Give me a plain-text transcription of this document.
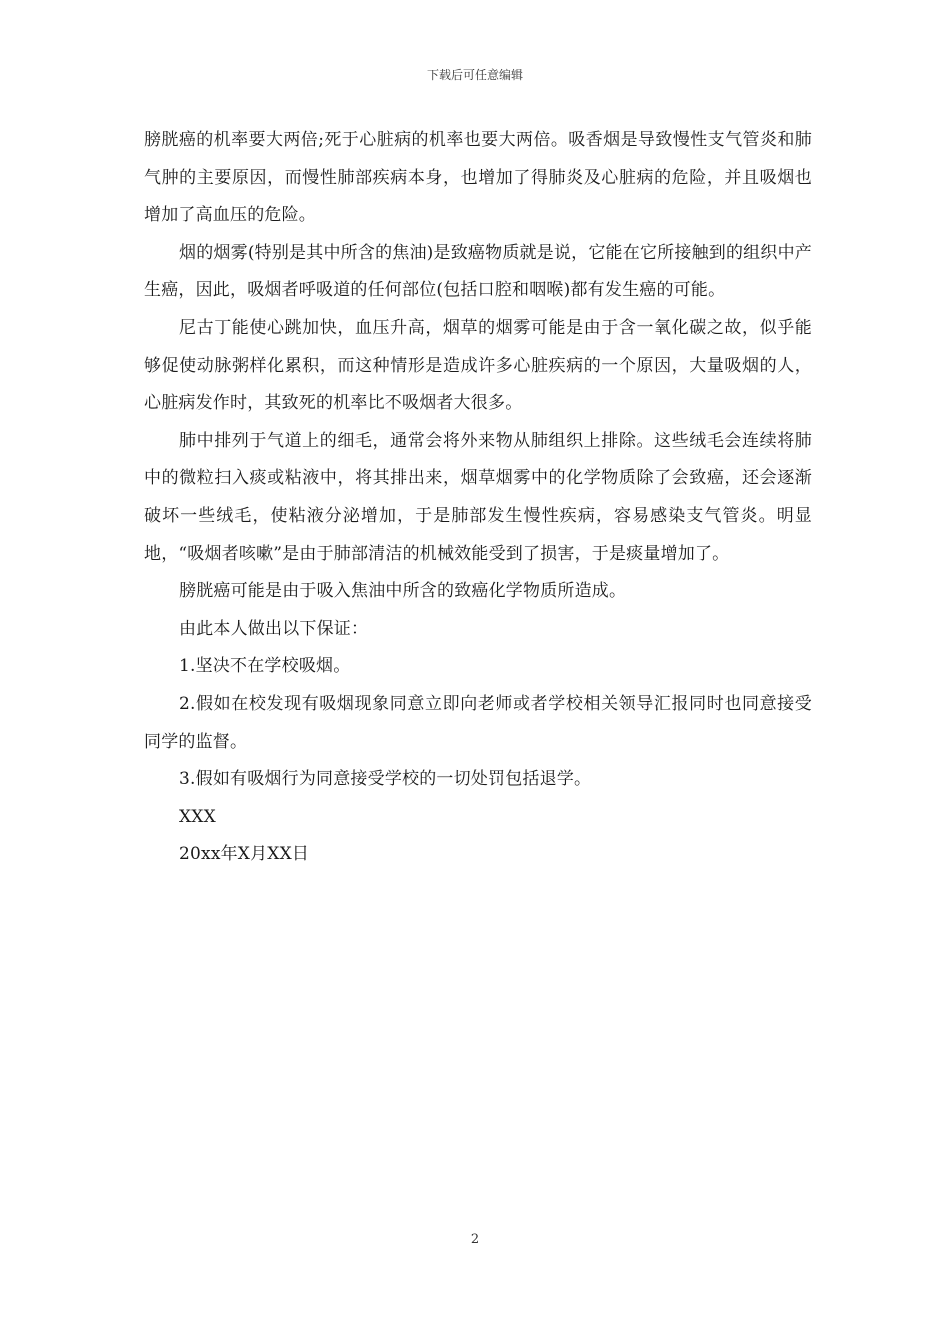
下载后可任意编辑

膀胱癌的机率要大两倍;死于心脏病的机率也要大两倍。吸香烟是导致慢性支气管炎和肺气肿的主要原因，而慢性肺部疾病本身，也增加了得肺炎及心脏病的危险，并且吸烟也增加了高血压的危险。

烟的烟雾(特别是其中所含的焦油)是致癌物质就是说，它能在它所接触到的组织中产生癌，因此，吸烟者呼吸道的任何部位(包括口腔和咽喉)都有发生癌的可能。

尼古丁能使心跳加快，血压升高，烟草的烟雾可能是由于含一氧化碳之故，似乎能够促使动脉粥样化累积，而这种情形是造成许多心脏疾病的一个原因，大量吸烟的人，心脏病发作时，其致死的机率比不吸烟者大很多。

肺中排列于气道上的细毛，通常会将外来物从肺组织上排除。这些绒毛会连续将肺中的微粒扫入痰或粘液中，将其排出来，烟草烟雾中的化学物质除了会致癌，还会逐渐破坏一些绒毛，使粘液分泌增加，于是肺部发生慢性疾病，容易感染支气管炎。明显地，“吸烟者咳嗽”是由于肺部清洁的机械效能受到了损害，于是痰量增加了。

膀胱癌可能是由于吸入焦油中所含的致癌化学物质所造成。

由此本人做出以下保证：

1.坚决不在学校吸烟。

2.假如在校发现有吸烟现象同意立即向老师或者学校相关领导汇报同时也同意接受同学的监督。

3.假如有吸烟行为同意接受学校的一切处罚包括退学。

XXX

20xx年X月XX日

2
